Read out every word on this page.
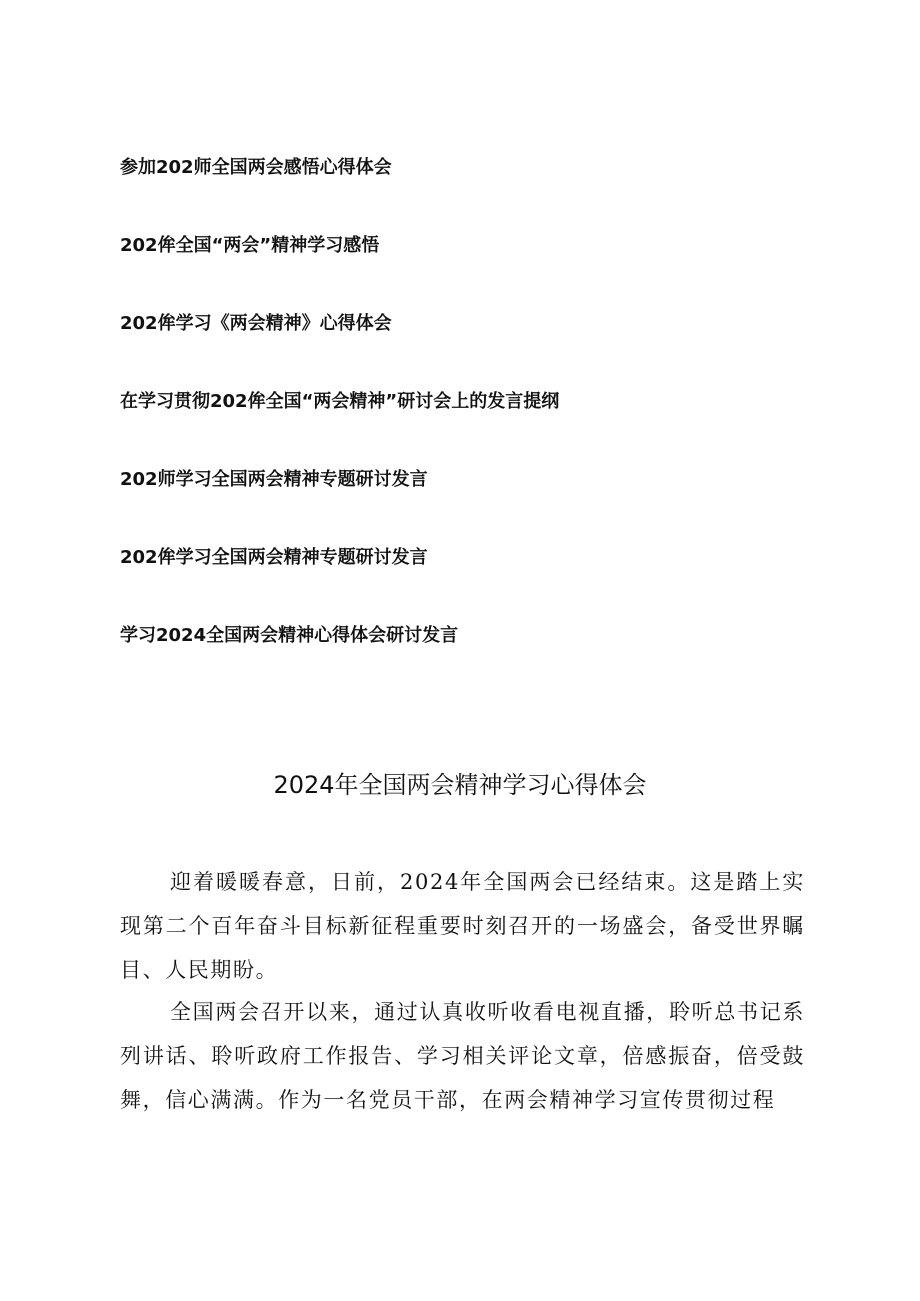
参加202师全国两会感悟心得体会
202侔全国“两会”精神学习感悟
202侔学习《两会精神》心得体会
在学习贯彻202侔全国“两会精神”研讨会上的发言提纲
202师学习全国两会精神专题研讨发言
202侔学习全国两会精神专题研讨发言
学习2024全国两会精神心得体会研讨发言
2024年全国两会精神学习心得体会

迎着暖暖春意，日前，2024年全国两会已经结束。这是踏上实现第二个百年奋斗目标新征程重要时刻召开的一场盛会，备受世界瞩目、人民期盼。

全国两会召开以来，通过认真收听收看电视直播，聆听总书记系列讲话、聆听政府工作报告、学习相关评论文章，倍感振奋，倍受鼓舞，信心满满。作为一名党员干部，在两会精神学习宣传贯彻过程
